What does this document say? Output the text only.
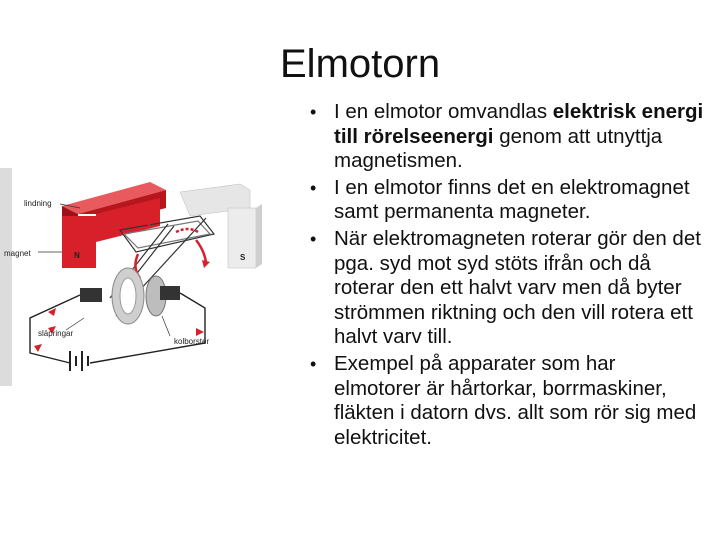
Elmotorn
lindning
magnet	N	S
släpringar
kolborster
• I en elmotor omvandlas elektrisk energi till rörelseenergi genom att utnyttja magnetismen.
• I en elmotor finns det en elektromagnet samt permanenta magneter.
• När elektromagneten roterar gör den det pga. syd mot syd stöts ifrån och då roterar den ett halvt varv men då byter strömmen riktning och den vill rotera ett halvt varv till.
• Exempel på apparater som har elmotorer är hårtorkar, borrmaskiner, fläkten i datorn dvs. allt som rör sig med elektricitet.
